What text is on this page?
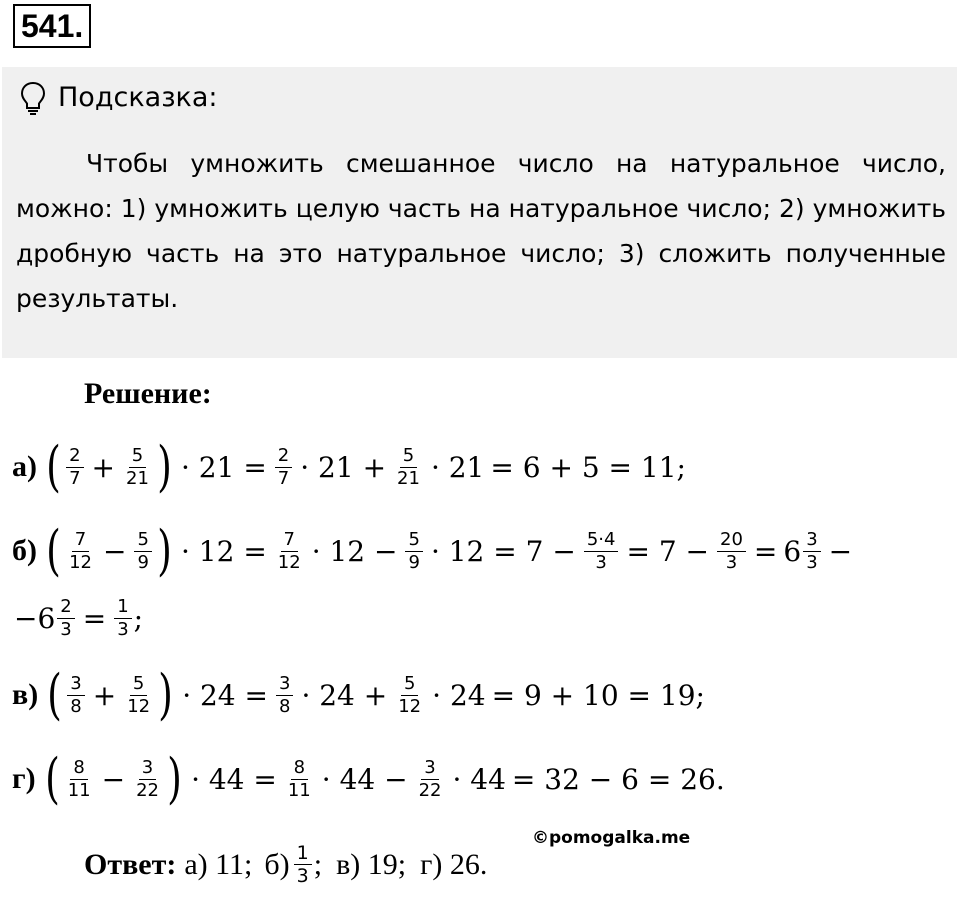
541.
Подсказка:

Чтобы умножить смешанное число на натуральное число, можно: 1) умножить целую часть на натуральное число; 2) умножить дробную часть на это натуральное число; 3) сложить полученные результаты.

Решение:
а) ( 2
$7 + \frac{5}{21}$ ) · $21 = \frac{2}{7} \cdot 21 + \frac{5}{21} \cdot 21 = 6 + 5 = 11$;
б) ( 7
$12 - \frac{5}{9}$ ) · $12 = \frac{7}{12} \cdot 12 - \frac{5}{9} \cdot 12 = 7 - \frac{5\cdot 4}{3} = 7 - \frac{20}{3} = 6$ 3
3 −
− 6 2
$3 = \frac{1}{3}$ ;
в) ( 3
$8 + \frac{5}{12}$ ) · $24 = \frac{3}{8} \cdot 24 + \frac{5}{12} \cdot 24 = 9 + 10 = 19$;
г) ( 8
$11 - \frac{3}{22}$ ) · $44 = \frac{8}{11} \cdot 44 - \frac{3}{22} \cdot 44 = 32 - 6 = 26$.
©pomogalka.me
Ответ: а) 11; б) 1
3 ; в) 19; г) 26.
